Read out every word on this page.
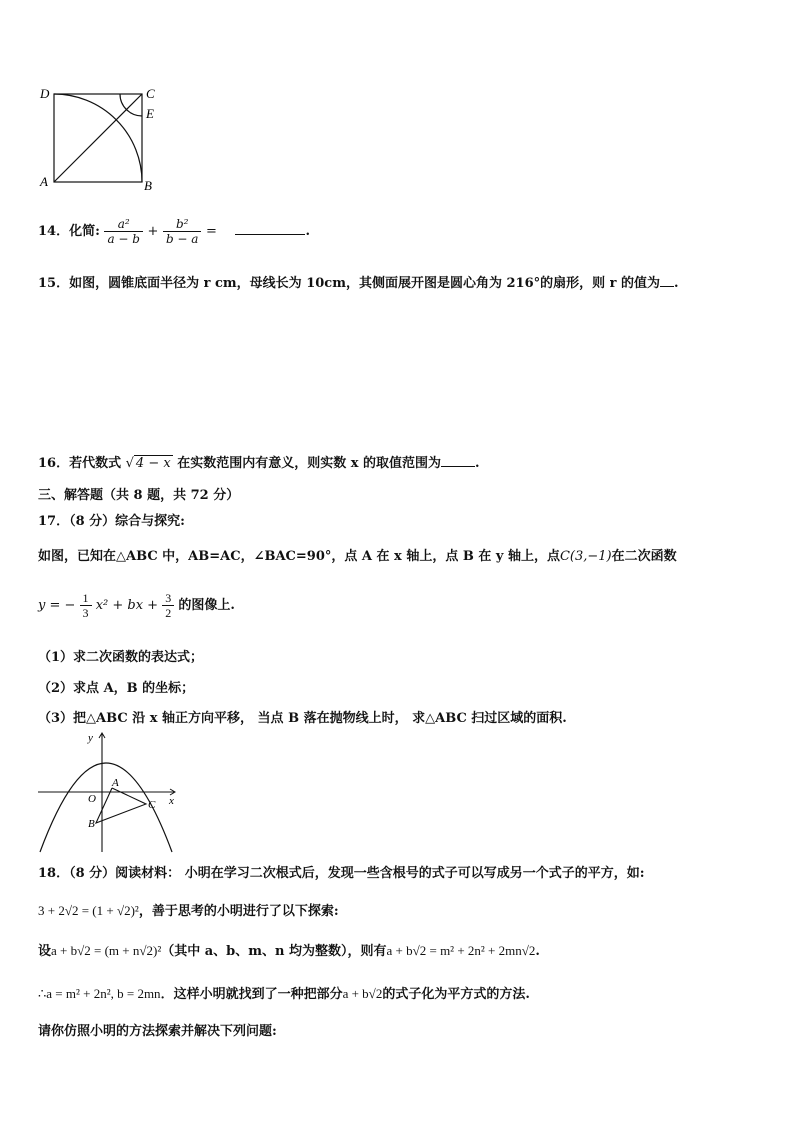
D	C
E
A	B
14．化简: $\frac{\text{a²}}{a - b} + \frac{\text{b²}}{b - a}$ =	.
15．如图，圆锥底面半径为 r cm，母线长为 10cm，其侧面展开图是圆心角为 216°的扇形，则 r 的值为 .
16．若代数式 √ 4 − x 在实数范围内有意义，则实数 x 的取值范围为	.
三、解答题（共 8 题，共 72 分）
17．（8 分）综合与探究:
如图，已知在△ABC 中，AB=AC，∠BAC=90°，点 A 在 x 轴上，点 B 在 y 轴上，点C(3,−1)在二次函数
y = − $\frac{1}{3} x^2$ + bx + $\frac{3}{2}$ 的图像上.
（1）求二次函数的表达式；
（2）求点 A，B 的坐标；
（3）把△ABC 沿 x 轴正方向平移， 当点 B 落在抛物线上时， 求△ABC 扫过区域的面积.
y
x
O
A
B
C
18．（8 分）阅读材料： 小明在学习二次根式后，发现一些含根号的式子可以写成另一个式子的平方，如:
3 + 2√2 = (1 + √2)²，善于思考的小明进行了以下探索:
设a + b√2 = (m + n√2)²（其中 a、b、m、n 均为整数），则有a + b√2 = m² + 2n² + 2mn√2.
∴a = m² + 2n², b = 2mn．这样小明就找到了一种把部分a + b√2的式子化为平方式的方法.
请你仿照小明的方法探索并解决下列问题:
